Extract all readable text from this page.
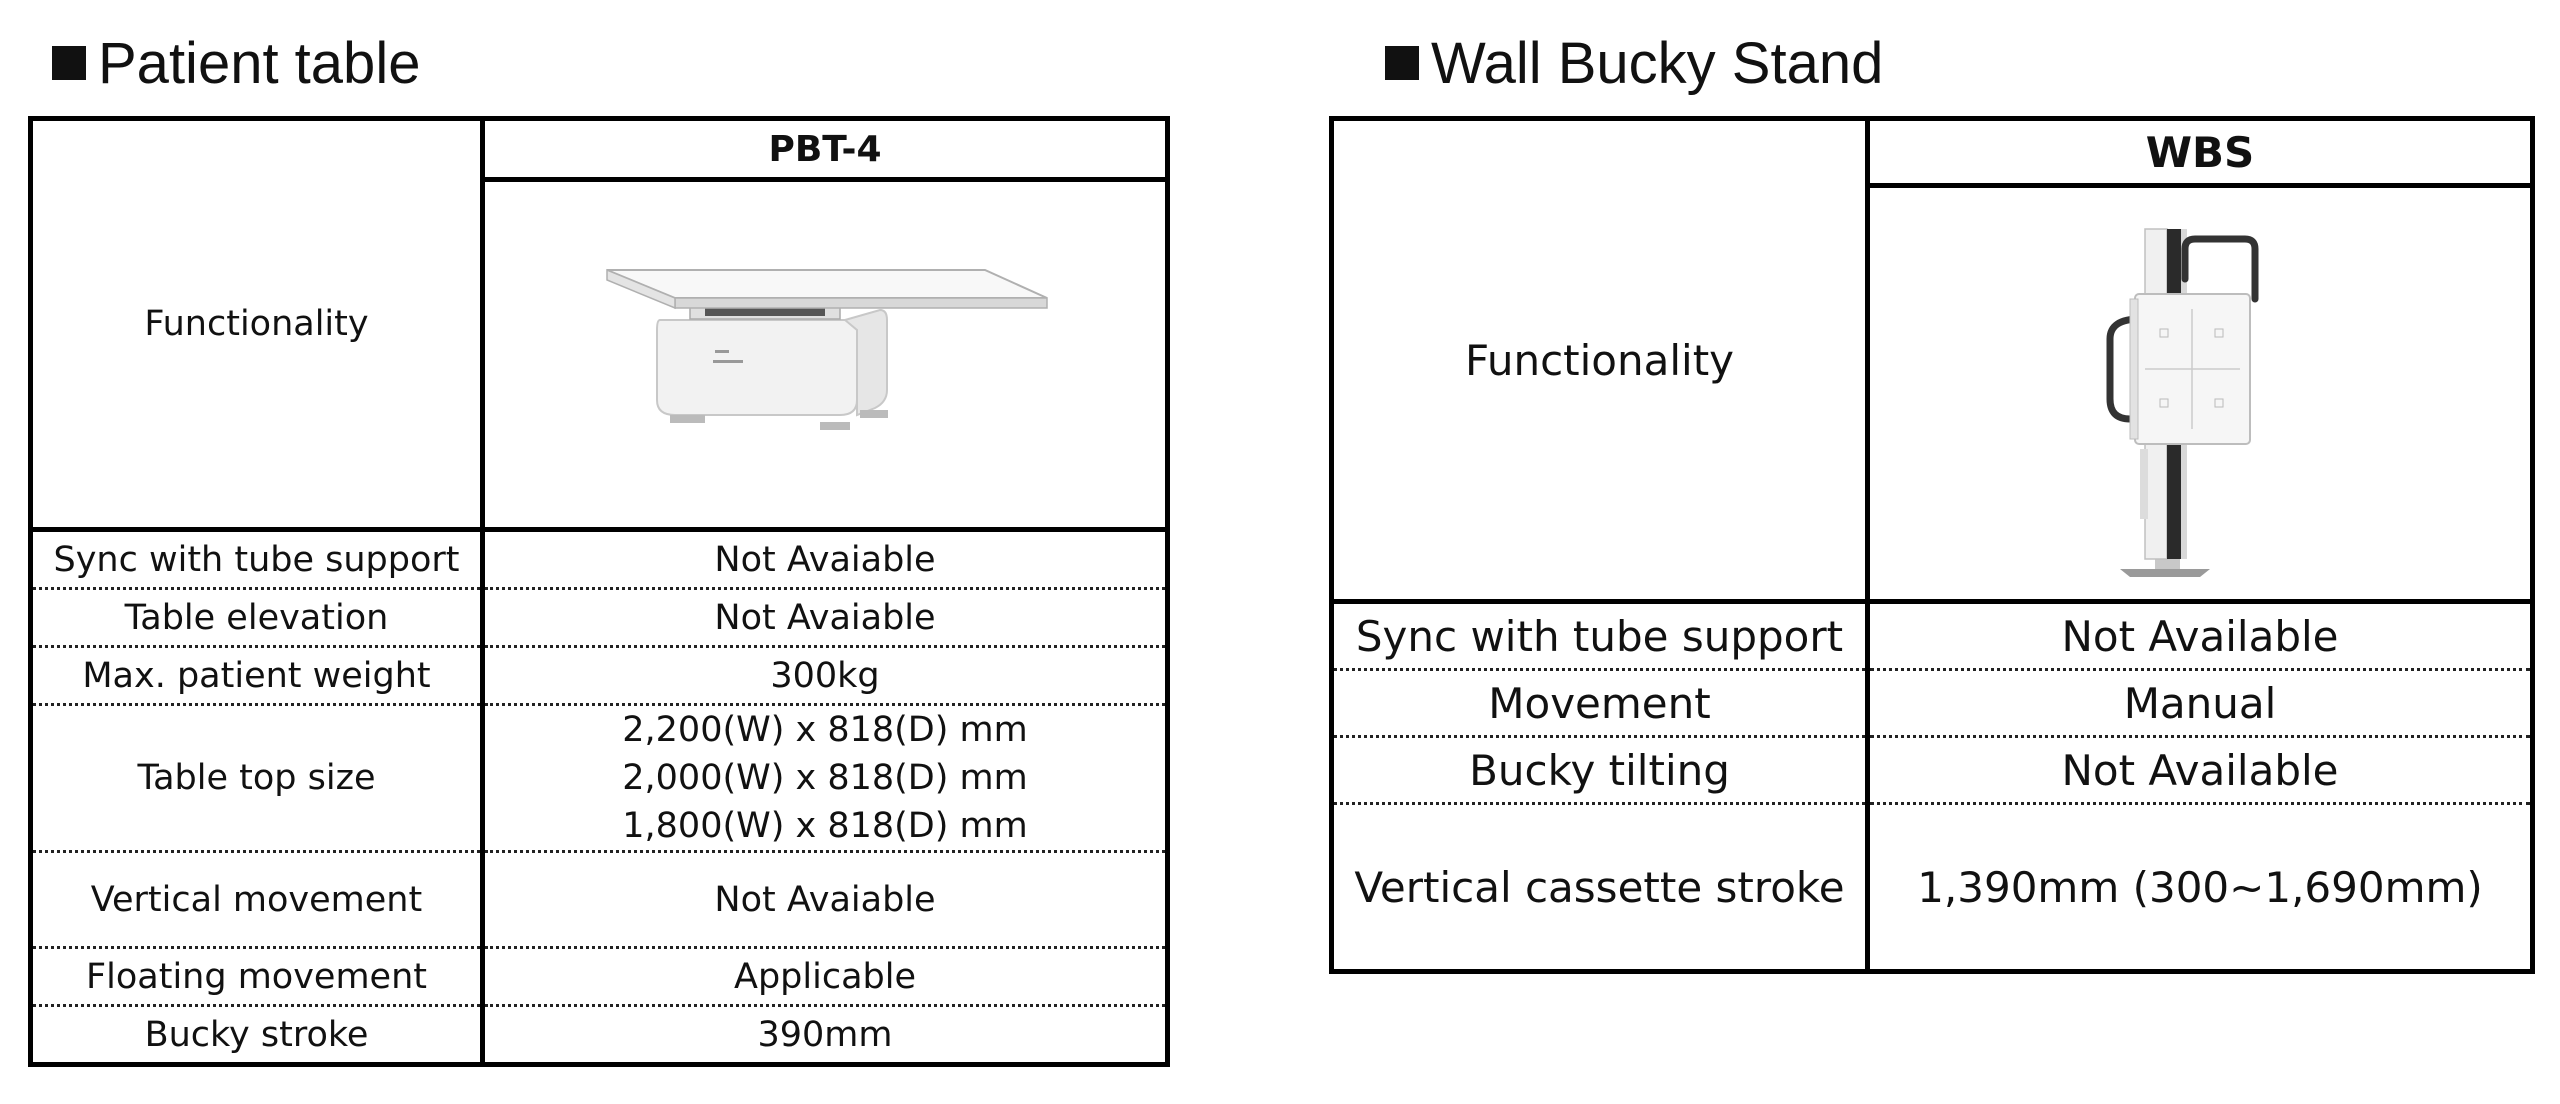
Patient table
Functionality	PBT-4

Sync with tube support	Not Avaiable
Table elevation	Not Avaiable
Max. patient weight	300kg
Table top size	2,200(W) x 818(D) mm
2,000(W) x 818(D) mm
1,800(W) x 818(D) mm

Vertical movement	Not Avaiable
Floating movement	Applicable
Bucky stroke	390mm
Wall Bucky Stand
Functionality	WBS

Sync with tube support	Not Available
Movement	Manual
Bucky tilting	Not Available
Vertical cassette stroke	1,390mm (300~1,690mm)
